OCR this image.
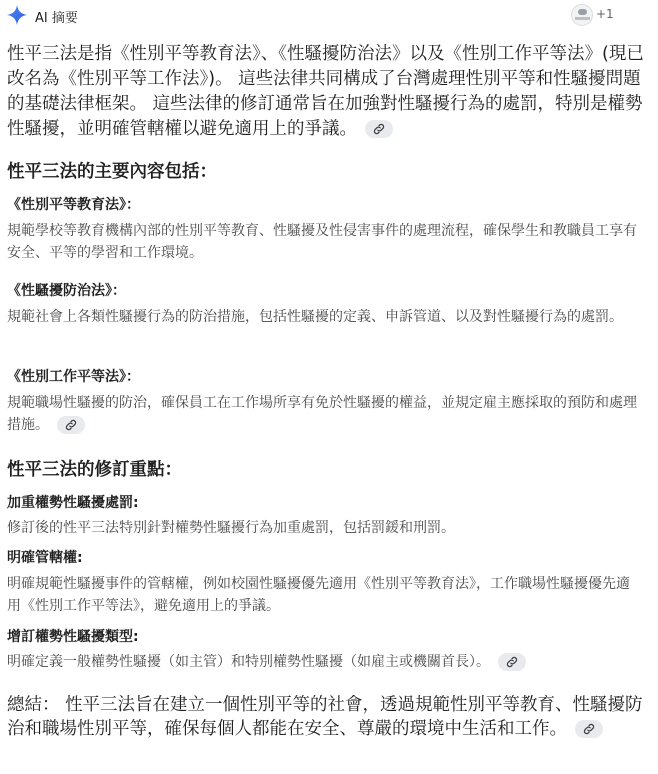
AI 摘要	+1

性平三法是指《性別平等教育法》、《性騷擾防治法》以及《性別工作平等法》(現已改名為《性別平等工作法》)。 這些法律共同構成了台灣處理性別平等和性騷擾問題的基礎法律框架。 這些法律的修訂通常旨在加強對性騷擾行為的處罰，特別是權勢性騷擾，並明確管轄權以避免適用上的爭議。

性平三法的主要內容包括：
《性別平等教育法》：

規範學校等教育機構內部的性別平等教育、性騷擾及性侵害事件的處理流程，確保學生和教職員工享有安全、平等的學習和工作環境。

《性騷擾防治法》：

規範社會上各類性騷擾行為的防治措施，包括性騷擾的定義、申訴管道、以及對性騷擾行為的處罰。

《性別工作平等法》：

規範職場性騷擾的防治，確保員工在工作場所享有免於性騷擾的權益，並規定雇主應採取的預防和處理措施。

性平三法的修訂重點：
加重權勢性騷擾處罰:

修訂後的性平三法特別針對權勢性騷擾行為加重處罰，包括罰鍰和刑罰。

明確管轄權:

明確規範性騷擾事件的管轄權，例如校園性騷擾優先適用《性別平等教育法》，工作職場性騷擾優先適用《性別工作平等法》，避免適用上的爭議。

增訂權勢性騷擾類型:

明確定義一般權勢性騷擾（如主管）和特別權勢性騷擾（如雇主或機關首長）。

總結： 性平三法旨在建立一個性別平等的社會，透過規範性別平等教育、性騷擾防治和職場性別平等，確保每個人都能在安全、尊嚴的環境中生活和工作。
